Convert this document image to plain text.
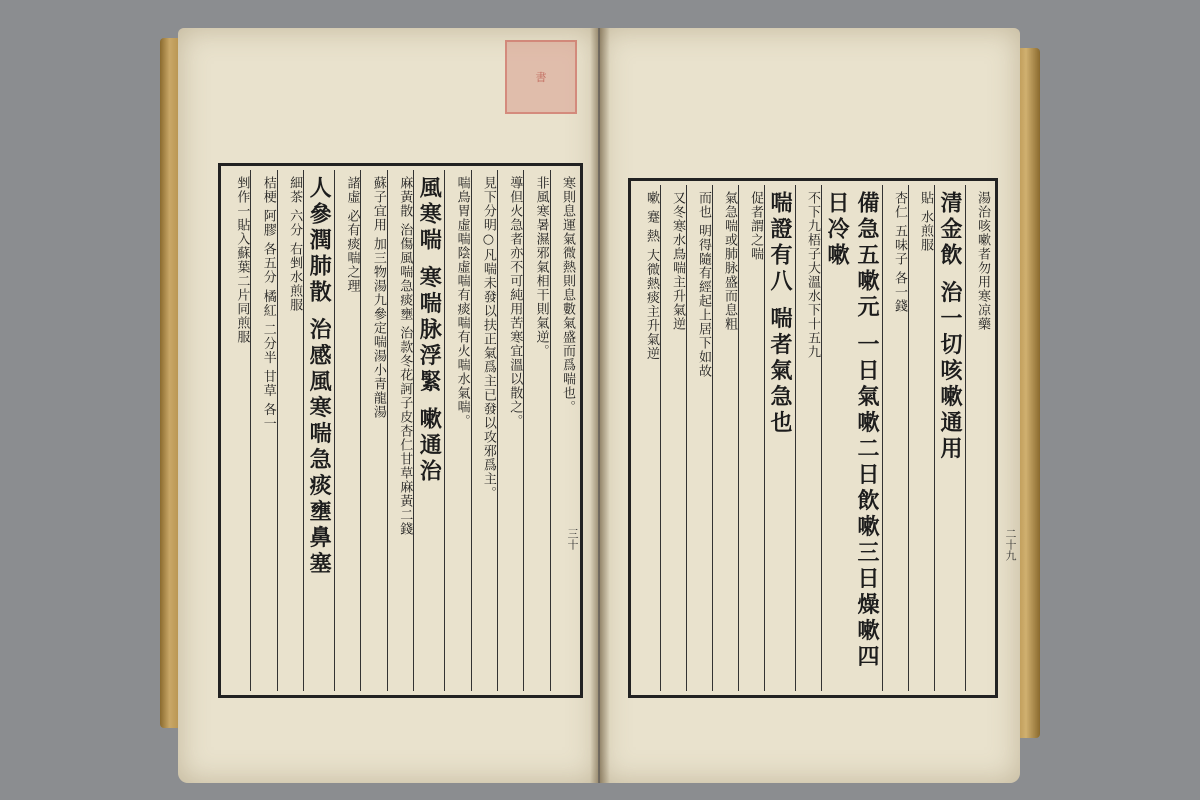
寒則息運氣微熱則息數氣盛而爲喘也。
非風寒暑濕邪氣相干則氣逆。
導但火急者亦不可純用苦寒宜溫以散之。
見下分明○凡喘未發以扶正氣爲主已發以攻邪爲主。
喘鳥胃虛喘陰虛喘有痰喘有火喘水氣喘。
風寒喘 寒喘脉浮緊 嗽通治
麻黃散 治傷風喘急痰壅 治款冬花訶子皮杏仁甘草麻黃二錢
蘇子宜用 加三物湯九參定喘湯小青龍湯
諸虛 必有痰喘之理
人參潤肺散 治感風寒喘急痰壅鼻塞
細茶 六分 右剉水煎服
桔梗 阿膠 各五分 橘紅 二分半 甘草 各一
剉作一貼入蘇葉二片同煎服
三十
湯治咳嗽者勿用寒凉藥
清金飲 治一切咳嗽通用
貼 水煎服
杏仁 五味子 各一錢
備急五嗽元 一日氣嗽二日飲嗽三日燥嗽四日冷嗽
不下九梧子大溫水下十五九
喘證有八 喘者氣急也
促者謂之喘
氣急喘或肺脉盛而息粗
而也 明得隨有經起上居下如故
又冬寒水鳥喘主升氣逆
嗽 蹇 熱 大微熱痰主升氣逆
二十九
書
